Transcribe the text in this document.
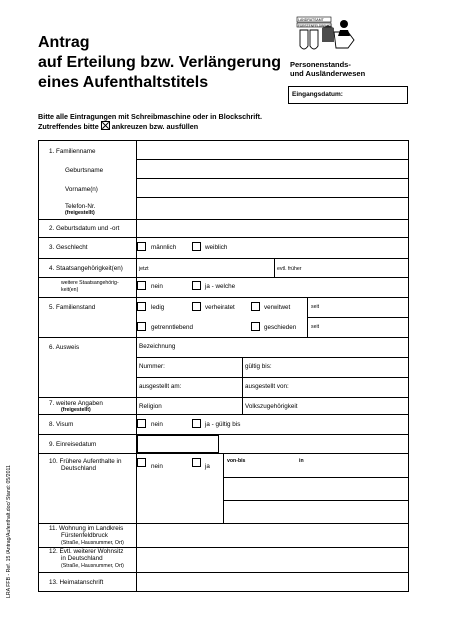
Antrag
auf Erteilung bzw. Verlängerung
eines Aufenthaltstitels
LANDRATSAMT
FÜRSTENFELDBRUCK
Personenstands-
und Ausländerwesen
Eingangsdatum:
Bitte alle Eintragungen mit Schreibmaschine oder in Blockschrift.
Zutreffendes bitte ankreuzen bzw. ausfüllen
1. Familienname
Geburtsname
Vorname(n)
Telefon-Nr.
(freigestellt)
2. Geburtsdatum und -ort
3. Geschlecht	männlich	weiblich
4. Staatsangehörigkeit(en)	jetzt	evtl. früher
weitere Staatsangehörig-
keit(en)	nein	ja - welche
5. Familienstand	ledig	verheiratet	verwitwet	seit
getrenntlebend	geschieden	seit
6. Ausweis	Bezeichnung
Nummer:	gültig bis:
ausgestellt am:	ausgestellt von:
7. weitere Angaben
(freigestellt)	Religion	Volkszugehörigkeit
8. Visum	nein	ja - gültig bis
9. Einreisedatum
10. Frühere Aufenthalte in
Deutschland	nein	ja
von-bis	in
11. Wohnung im Landkreis
Fürstenfeldbruck
(Straße, Hausnummer, Ort)
12. Evtl. weiterer Wohnsitz
in Deutschland
(Straße, Hausnummer, Ort)
13. Heimatanschrift
LRA FFB - Ref. 15 /Antrag/Aufenthalt.doc/ Stand: 05/2011
